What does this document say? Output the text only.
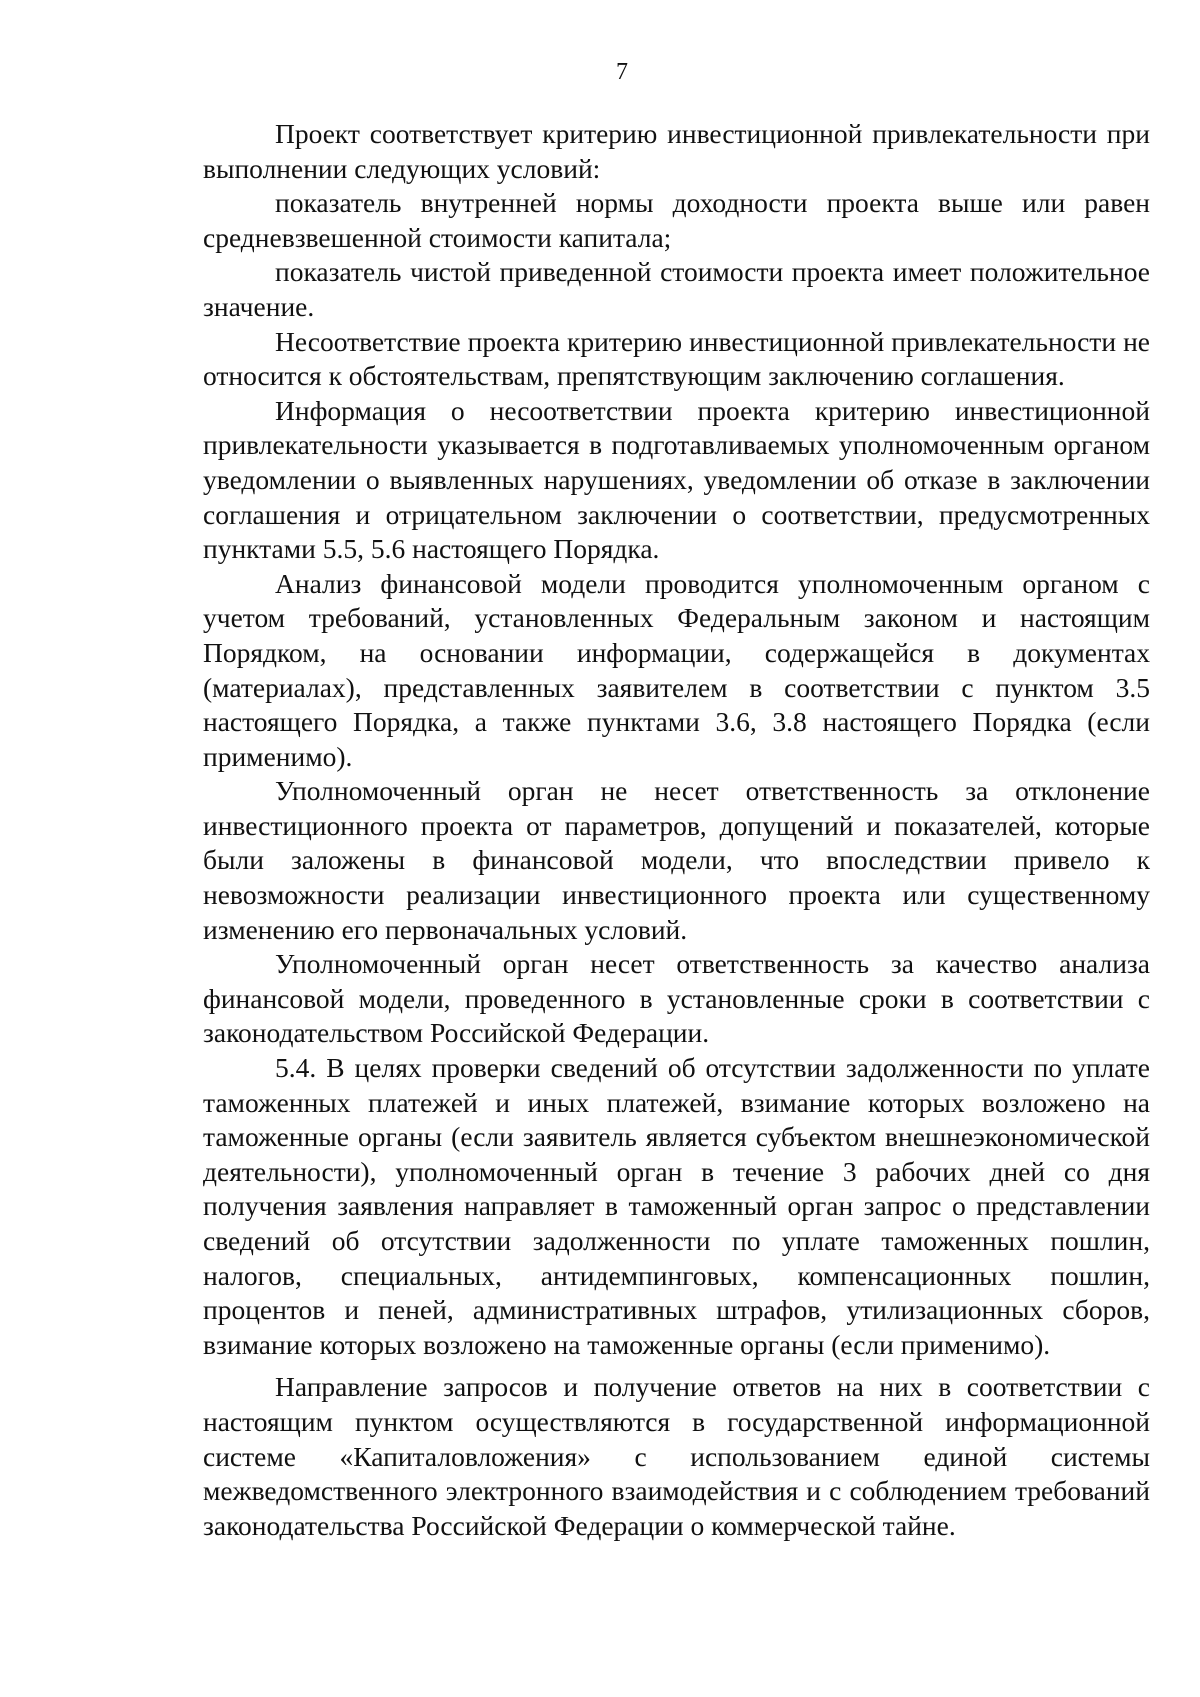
7

Проект соответствует критерию инвестиционной привлекательности при выполнении следующих условий:

показатель внутренней нормы доходности проекта выше или равен средневзвешенной стоимости капитала;

показатель чистой приведенной стоимости проекта имеет положительное значение.

Несоответствие проекта критерию инвестиционной привлекательности не относится к обстоятельствам, препятствующим заключению соглашения.

Информация о несоответствии проекта критерию инвестиционной привлекательности указывается в подготавливаемых уполномоченным органом уведомлении о выявленных нарушениях, уведомлении об отказе в заключении соглашения и отрицательном заключении о соответствии, предусмотренных пунктами 5.5, 5.6 настоящего Порядка.

Анализ финансовой модели проводится уполномоченным органом с учетом требований, установленных Федеральным законом и настоящим Порядком, на основании информации, содержащейся в документах (материалах), представленных заявителем в соответствии с пунктом 3.5 настоящего Порядка, а также пунктами 3.6, 3.8 настоящего Порядка (если применимо).

Уполномоченный орган не несет ответственность за отклонение инвестиционного проекта от параметров, допущений и показателей, которые были заложены в финансовой модели, что впоследствии привело к невозможности реализации инвестиционного проекта или существенному изменению его первоначальных условий.

Уполномоченный орган несет ответственность за качество анализа финансовой модели, проведенного в установленные сроки в соответствии с законодательством Российской Федерации.

5.4. В целях проверки сведений об отсутствии задолженности по уплате таможенных платежей и иных платежей, взимание которых возложено на таможенные органы (если заявитель является субъектом внешнеэкономической деятельности), уполномоченный орган в течение 3 рабочих дней со дня получения заявления направляет в таможенный орган запрос о представлении сведений об отсутствии задолженности по уплате таможенных пошлин, налогов, специальных, антидемпинговых, компенсационных пошлин, процентов и пеней, административных штрафов, утилизационных сборов, взимание которых возложено на таможенные органы (если применимо).

Направление запросов и получение ответов на них в соответствии с настоящим пунктом осуществляются в государственной информационной системе «Капиталовложения» с использованием единой системы межведомственного электронного взаимодействия и с соблюдением требований законодательства Российской Федерации о коммерческой тайне.
